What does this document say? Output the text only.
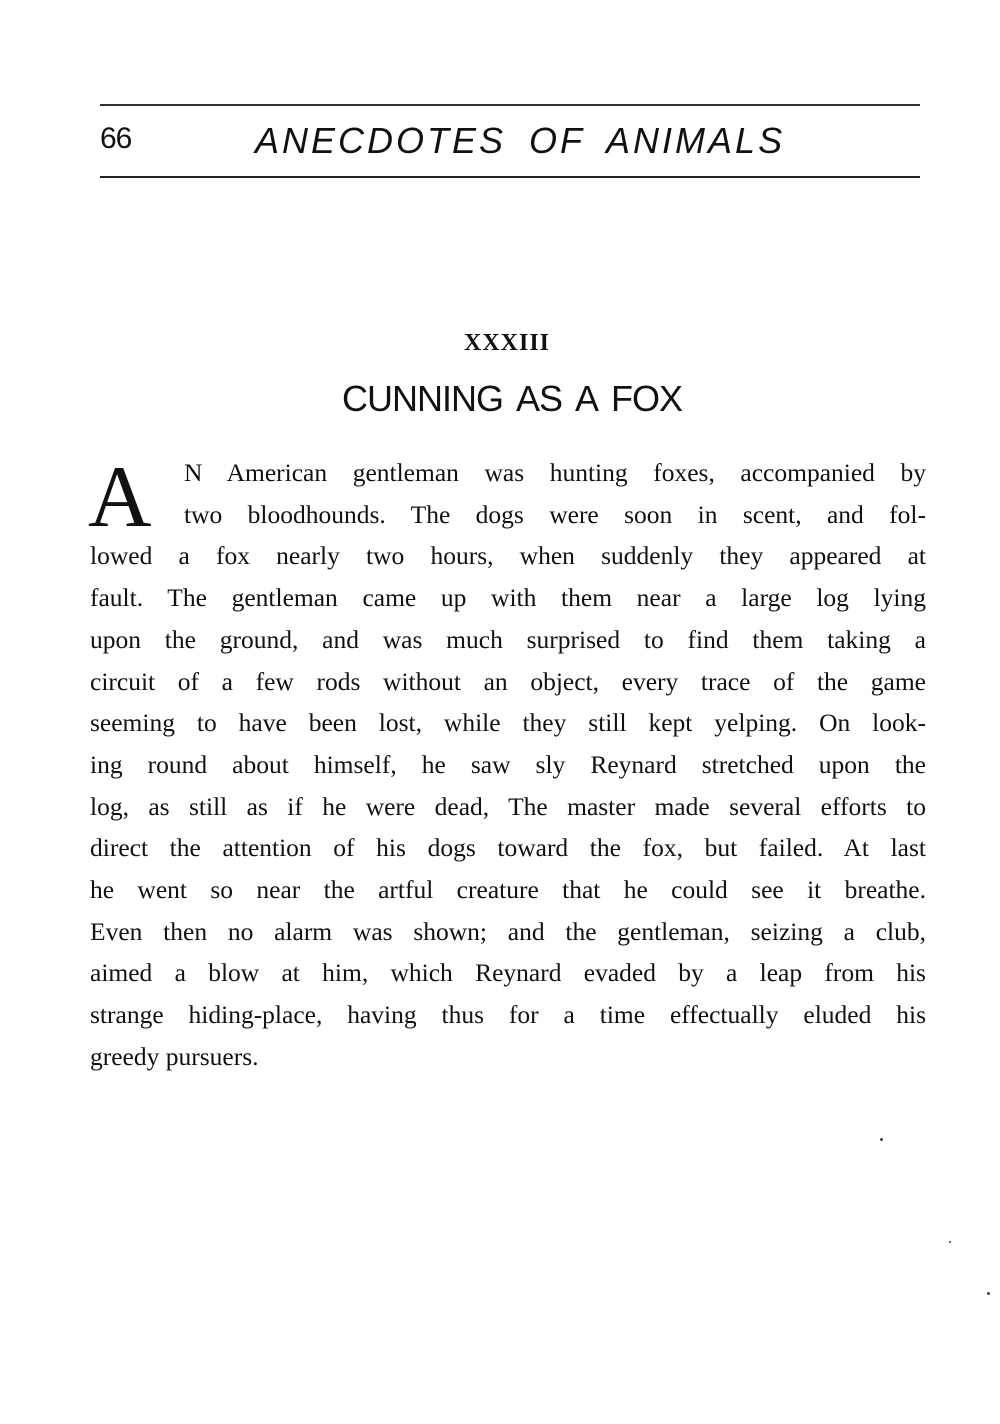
66	ANECDOTES OF ANIMALS
XXXIII
CUNNING AS A FOX
A N American gentleman was hunting foxes, accompanied by
two bloodhounds. The dogs were soon in scent, and fol-
lowed a fox nearly two hours, when suddenly they appeared at
fault. The gentleman came up with them near a large log lying
upon the ground, and was much surprised to find them taking a
circuit of a few rods without an object, every trace of the game
seeming to have been lost, while they still kept yelping. On look-
ing round about himself, he saw sly Reynard stretched upon the
log, as still as if he were dead, The master made several efforts to
direct the attention of his dogs toward the fox, but failed. At last
he went so near the artful creature that he could see it breathe.
Even then no alarm was shown; and the gentleman, seizing a club,
aimed a blow at him, which Reynard evaded by a leap from his
strange hiding-place, having thus for a time effectually eluded his
greedy pursuers.
